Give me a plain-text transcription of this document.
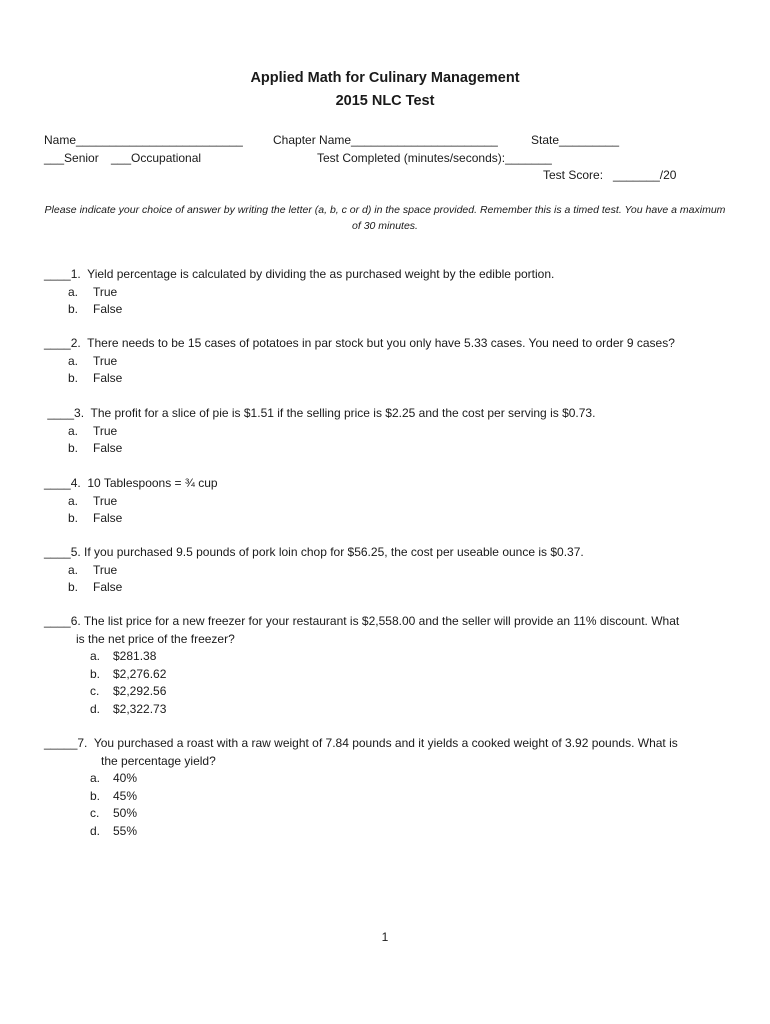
Applied Math for Culinary Management
2015 NLC Test
Name_________________________	Chapter Name______________________	State_________
___Senior ___Occupational	Test Completed (minutes/seconds):_______
Test Score:   _______/20
Please indicate your choice of answer by writing the letter (a, b, c or d) in the space provided. Remember this is a timed test. You have a maximum of 30 minutes.
____1.  Yield percentage is calculated by dividing the as purchased weight by the edible portion.
a. True
b. False
____2.  There needs to be 15 cases of potatoes in par stock but you only have 5.33 cases. You need to order 9 cases?
a. True
b. False
____3.  The profit for a slice of pie is $1.51 if the selling price is $2.25 and the cost per serving is $0.73.
a. True
b. False
____4.  10 Tablespoons = ¾ cup
a. True
b. False
____5. If you purchased 9.5 pounds of pork loin chop for $56.25, the cost per useable ounce is $0.37.
a. True
b. False
____6. The list price for a new freezer for your restaurant is $2,558.00 and the seller will provide an 11% discount. What
is the net price of the freezer?
a. $281.38
b. $2,276.62
c. $2,292.56
d. $2,322.73
_____7.  You purchased a roast with a raw weight of 7.84 pounds and it yields a cooked weight of 3.92 pounds. What is
the percentage yield?
a. 40%
b. 45%
c. 50%
d. 55%
1
